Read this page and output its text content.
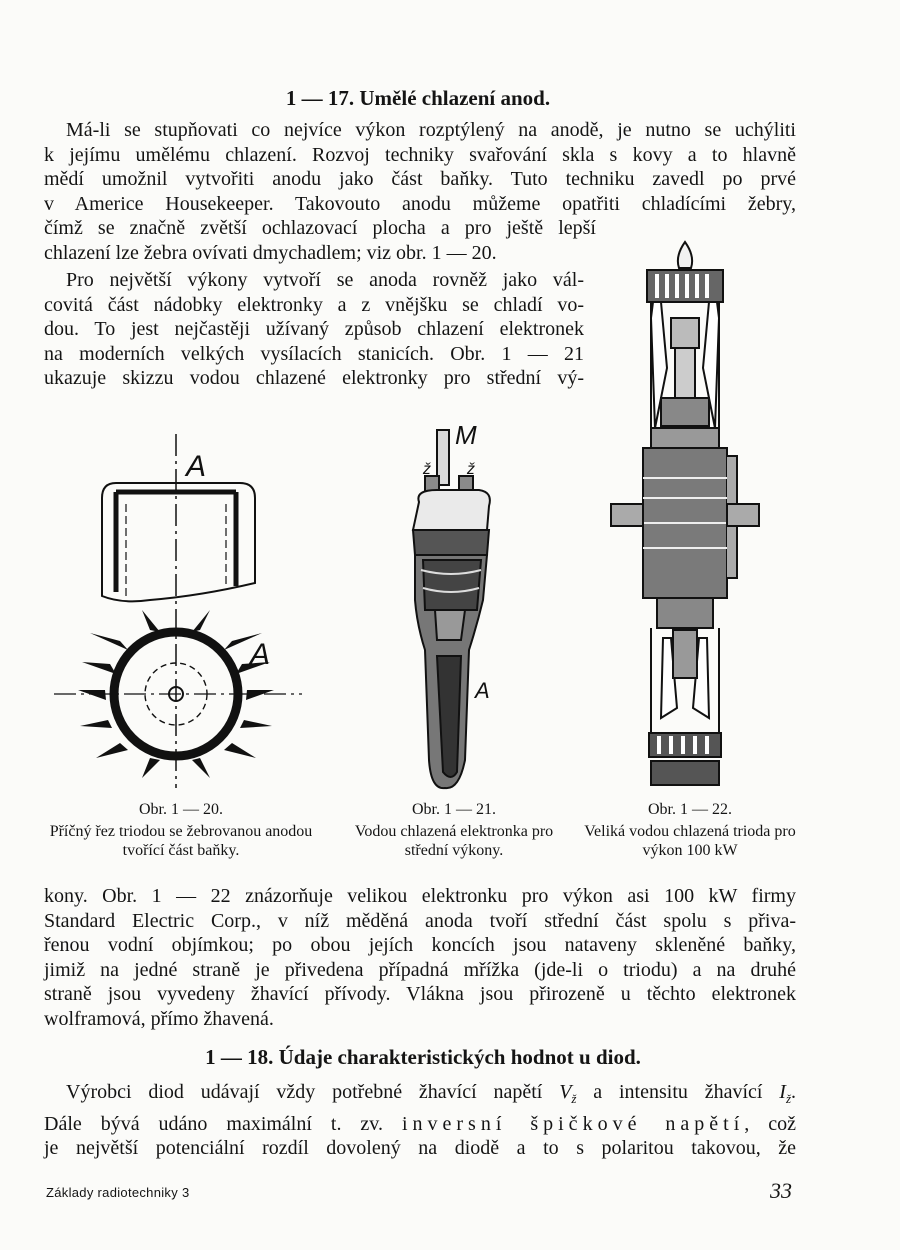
1 — 17. Umělé chlazení anod.
Má-li se stupňovati co nejvíce výkon rozptýlený na anodě, je nutno se uchýliti
k jejímu umělému chlazení. Rozvoj techniky svařování skla s kovy a to hlavně
mědí umožnil vytvořiti anodu jako část baňky. Tuto techniku zavedl po prvé
v Americe Housekeeper. Takovouto anodu můžeme opatřiti chladícími žebry,
čímž se značně zvětší ochlazovací plocha a pro ještě lepší
chlazení lze žebra ovívati dmychadlem; viz obr. 1 — 20.
Pro největší výkony vytvoří se anoda rovněž jako vál-
covitá část nádobky elektronky a z vnějšku se chladí vo-
dou. To jest nejčastěji užívaný způsob chlazení elektronek
na moderních velkých vysílacích stanicích. Obr. 1 — 21
ukazuje skizzu vodou chlazené elektronky pro střední vý-
A
A
M
ž ž
A
Obr. 1 — 20.
Příčný řez triodou se žebrovanou anodou tvořící část baňky.
Obr. 1 — 21.
Vodou chlazená elektronka pro střední výkony.
Obr. 1 — 22.
Veliká vodou chlazená trioda pro výkon 100 kW
kony. Obr. 1 — 22 znázorňuje velikou elektronku pro výkon asi 100 kW firmy
Standard Electric Corp., v níž měděná anoda tvoří střední část spolu s přiva-
řenou vodní objímkou; po obou jejích koncích jsou nataveny skleněné baňky,
jimiž na jedné straně je přivedena případná mřížka (jde-li o triodu) a na druhé
straně jsou vyvedeny žhavící přívody. Vlákna jsou přirozeně u těchto elektronek
wolframová, přímo žhavená.
1 — 18. Údaje charakteristických hodnot u diod.
Výrobci diod udávají vždy potřebné žhavící napětí $V_ž$ a intensitu žhavící $I_ž$.
Dále bývá udáno maximální t. zv. inversní špičkové napětí, což
je největší potenciální rozdíl dovolený na diodě a to s polaritou takovou, že
Základy radiotechniky 3	33
